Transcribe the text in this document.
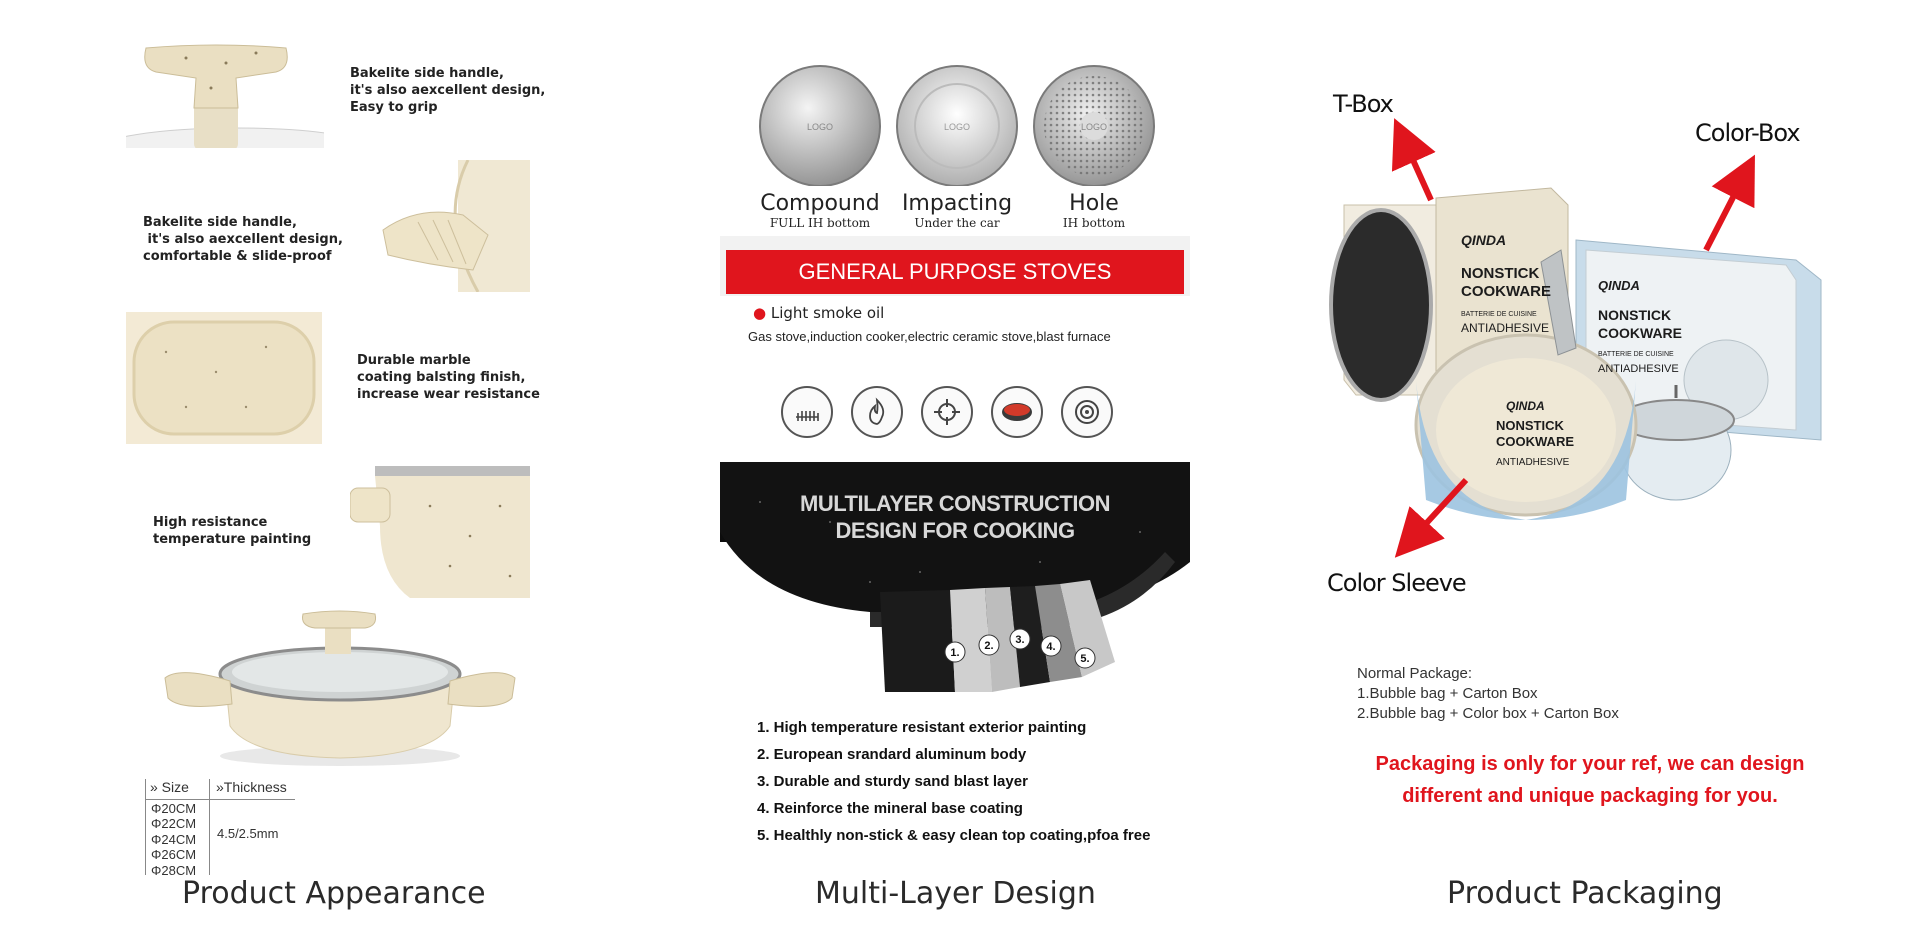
Bakelite side handle,
it's also aexcellent design,
Easy to grip
Bakelite side handle,
it's also aexcellent design,
comfortable & slide-proof
Durable marble
coating balsting finish,
increase wear resistance
High resistance
temperature painting
» Size »Thickness
Φ20CM
Φ22CM
Φ24CM
Φ26CM
Φ28CM
4.5/2.5mm
Product Appearance
LOGO
Compound
FULL IH bottom
LOGO
Impacting
Under the car
LOGO
Hole
IH bottom
GENERAL PURPOSE STOVES
● Light smoke oil
Gas stove,induction cooker,electric ceramic stove,blast furnace
1.
2. 3.
4.
5.
MULTILAYER CONSTRUCTION
DESIGN FOR COOKING
1. High temperature resistant exterior painting
2. European srandard aluminum body
3. Durable and sturdy sand blast layer
4. Reinforce the mineral base coating
5. Healthly non-stick & easy clean top coating,pfoa free
Multi-Layer Design
QINDA
NONSTICK
COOKWARE
BATTERIE DE CUISINE
ANTIADHESIVE
QINDA
NONSTICK
COOKWARE
BATTERIE DE CUISINE
ANTIADHESIVE
QINDA
NONSTICK
COOKWARE
ANTIADHESIVE
T-Box
Color-Box
Color Sleeve
Normal Package:
1.Bubble bag + Carton Box
2.Bubble bag + Color box + Carton Box
Packaging is only for your ref, we can design
different and unique packaging for you.
Product Packaging
